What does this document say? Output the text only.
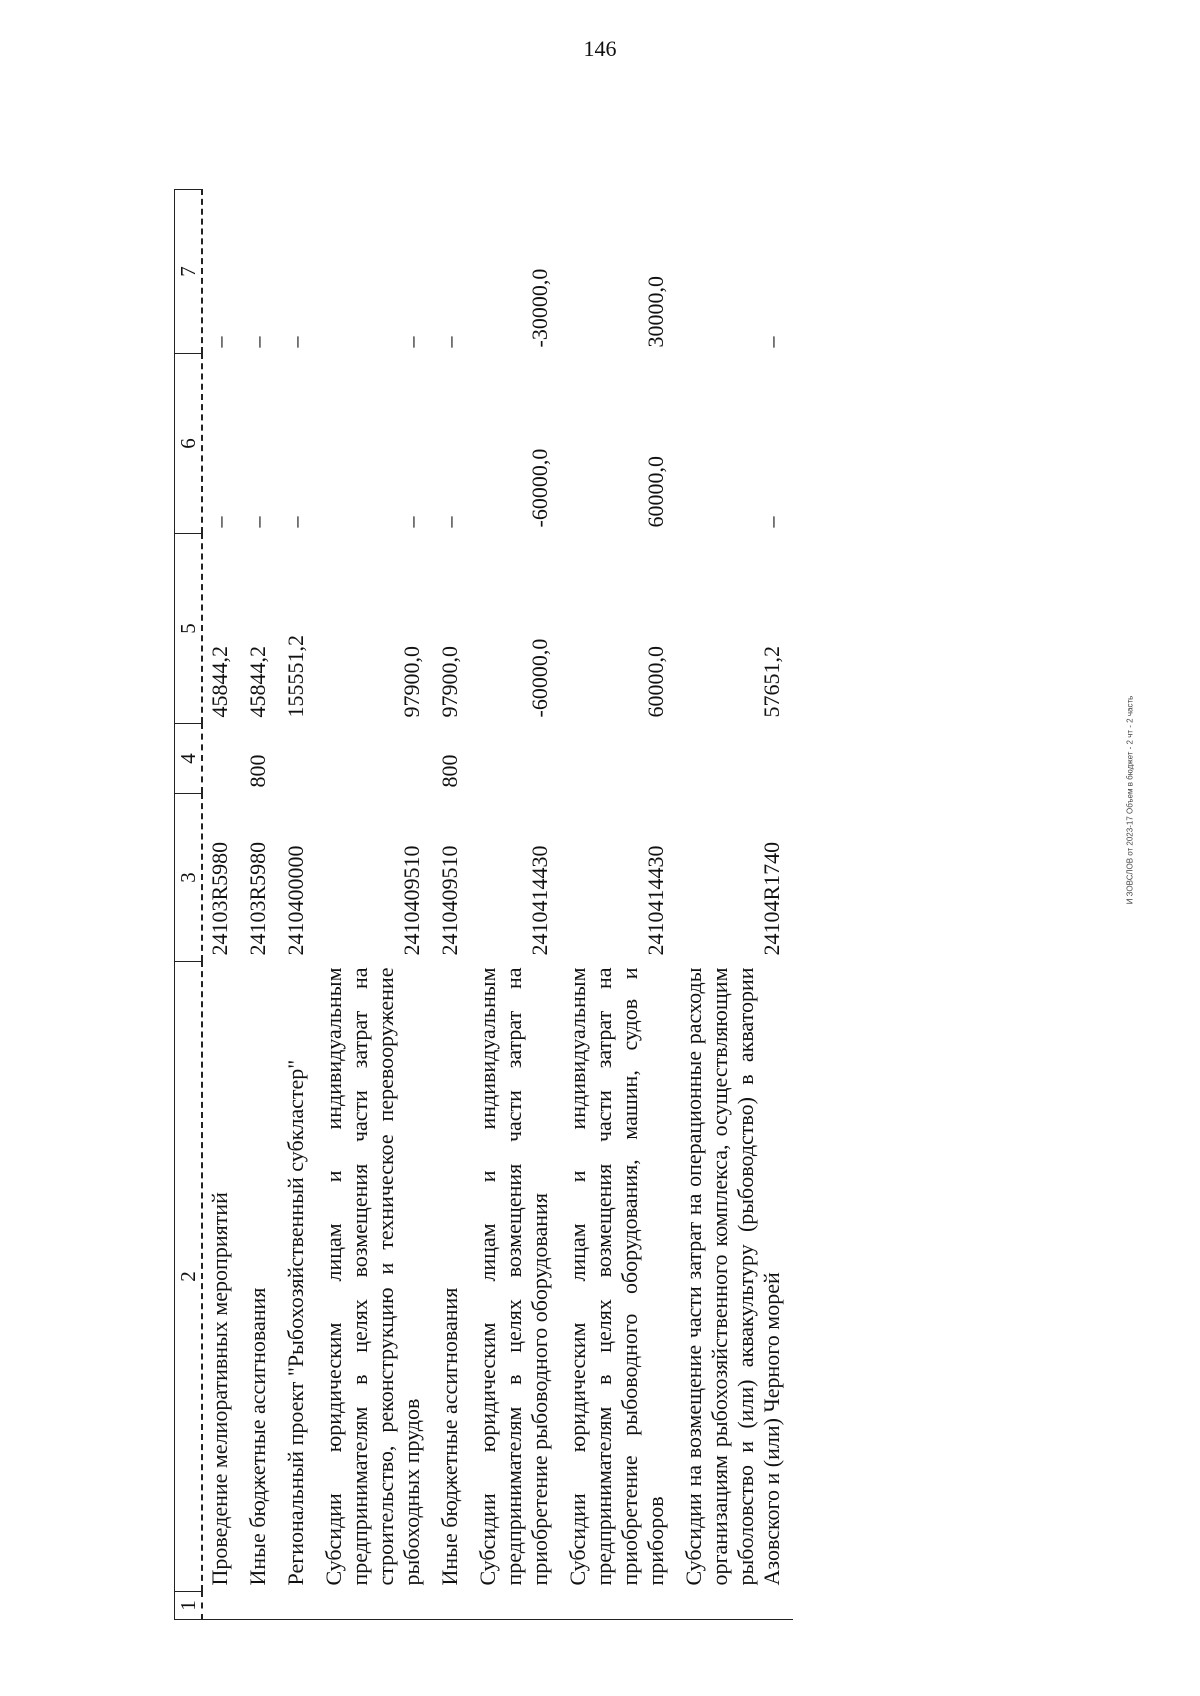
146
И ЗОВСЛОВ от 2023-17 Объем в бюджет - 2 чт - 2 часть
1	2	3	4	5	6	7
	Проведение мелиоративных мероприятий	24103R5980		45844,2	–	–
	Иные бюджетные ассигнования	24103R5980	800	45844,2	–	–
	Региональный проект "Рыбохозяйственный субкластер"	2410400000		155551,2	–	–
	Субсидии юридическим лицам и индивидуальным предпринимателям в целях возмещения части затрат на строительство, реконструкцию и техническое перевооружение рыбоходных прудов	2410409510		97900,0	–	–
	Иные бюджетные ассигнования	2410409510	800	97900,0	–	–
	Субсидии юридическим лицам и индивидуальным предпринимателям в целях возмещения части затрат на приобретение рыбоводного оборудования	2410414430		-60000,0	-60000,0	-30000,0
	Субсидии юридическим лицам и индивидуальным предпринимателям в целях возмещения части затрат на приобретение рыбоводного оборудования, машин, судов и приборов	2410414430		60000,0	60000,0	30000,0
	Субсидии на возмещение части затрат на операционные расходы организациям рыбохозяйственного комплекса, осуществляющим рыболовство и (или) аквакультуру (рыбоводство) в акватории Азовского и (или) Черного морей	24104R1740		57651,2	–	–
